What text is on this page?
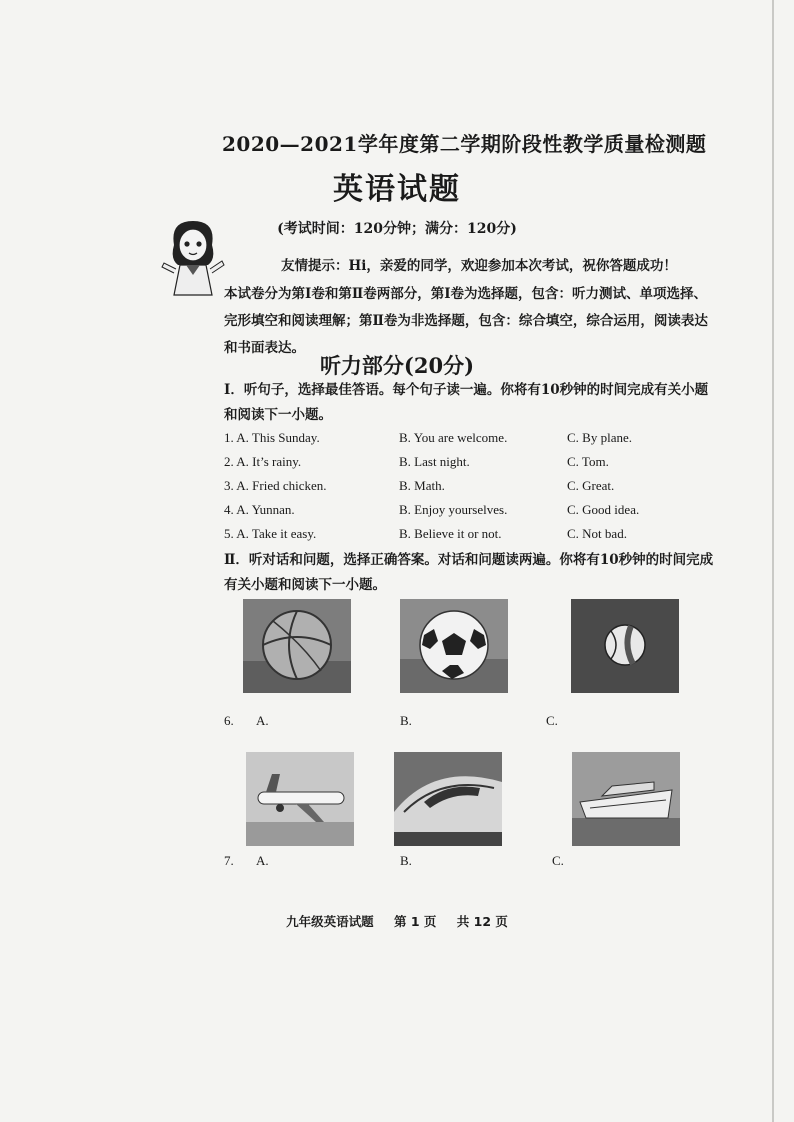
2020—2021学年度第二学期阶段性教学质量检测题
英语试题
(考试时间：120分钟；满分：120分)
友情提示：Hi，亲爱的同学，欢迎参加本次考试，祝你答题成功！
本试卷分为第Ⅰ卷和第Ⅱ卷两部分，第Ⅰ卷为选择题，包含：听力测试、单项选择、
完形填空和阅读理解；第Ⅱ卷为非选择题，包含：综合填空，综合运用，阅读表达
和书面表达。
听力部分(20分)
Ⅰ．听句子，选择最佳答语。每个句子读一遍。你将有10秒钟的时间完成有关小题
和阅读下一小题。
1. A. This Sunday.	B. You are welcome.	C. By plane.
2. A. It’s rainy.	B. Last night.	C. Tom.
3. A. Fried chicken.	B. Math.	C. Great.
4. A. Yunnan.	B. Enjoy yourselves.	C. Good idea.
5. A. Take it easy.	B. Believe it or not.	C. Not bad.
Ⅱ．听对话和问题，选择正确答案。对话和问题读两遍。你将有10秒钟的时间完成
有关小题和阅读下一小题。
6. A.	B.	C.
7. A.	B.	C.
九年级英语试题 第 1 页 共 12 页
